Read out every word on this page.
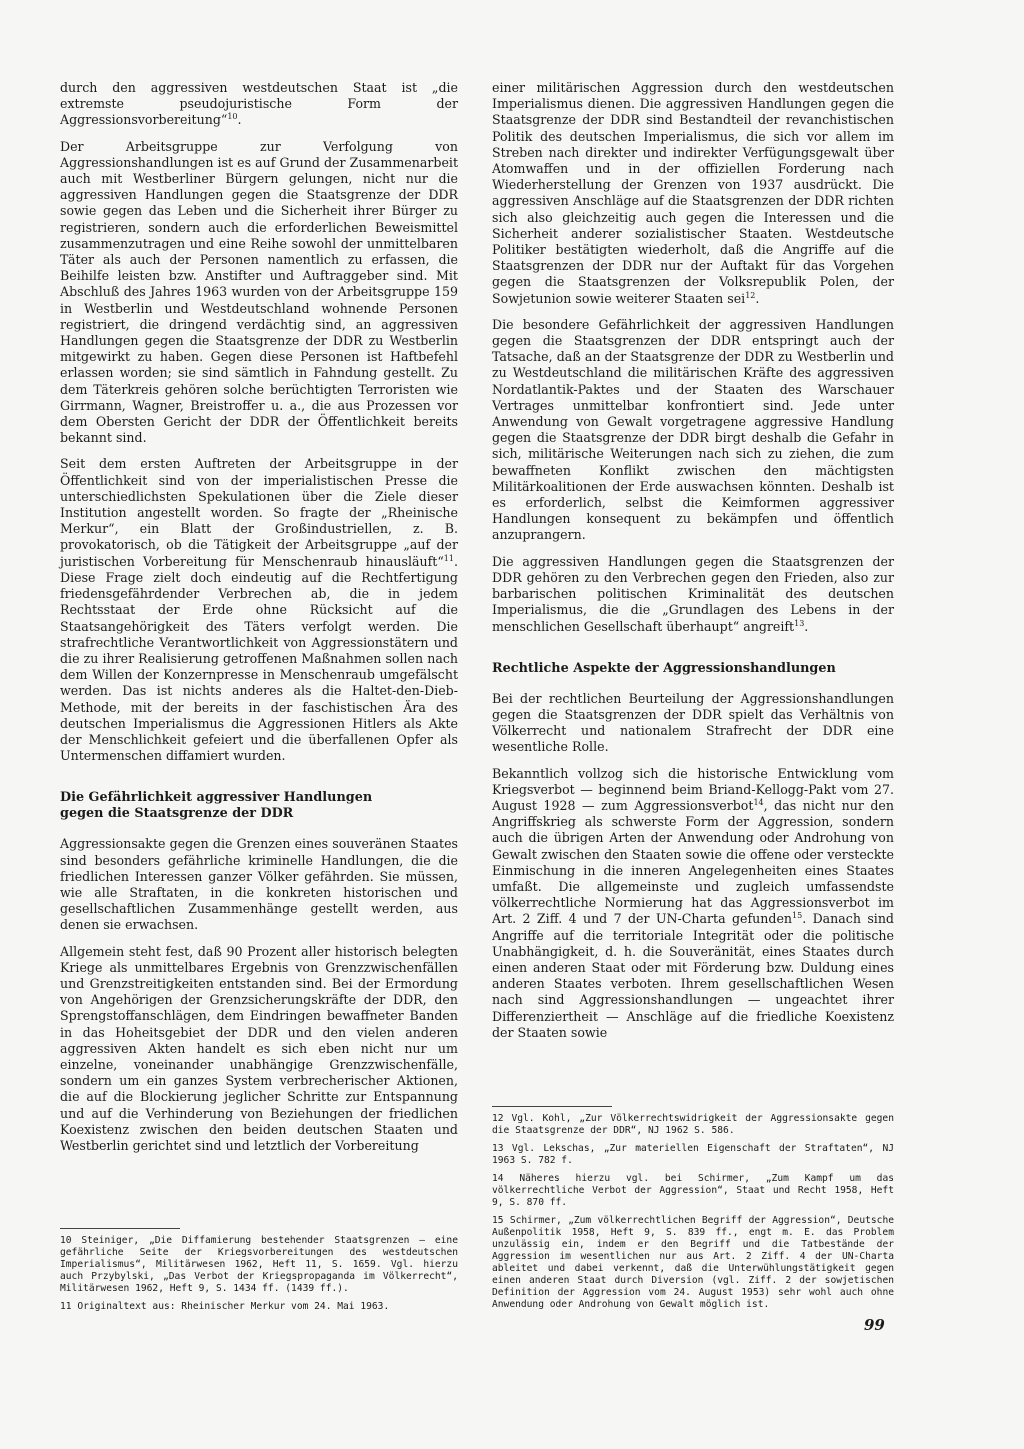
durch den aggressiven westdeutschen Staat ist „die extremste pseudojuristische Form der Aggressionsvorbereitung“$^{10}$.

Der Arbeitsgruppe zur Verfolgung von Aggressionshandlungen ist es auf Grund der Zusammenarbeit auch mit Westberliner Bürgern gelungen, nicht nur die aggressiven Handlungen gegen die Staatsgrenze der DDR sowie gegen das Leben und die Sicherheit ihrer Bürger zu registrieren, sondern auch die erforderlichen Beweismittel zusammenzutragen und eine Reihe sowohl der unmittelbaren Täter als auch der Personen namentlich zu erfassen, die Beihilfe leisten bzw. Anstifter und Auftraggeber sind. Mit Abschluß des Jahres 1963 wurden von der Arbeitsgruppe 159 in Westberlin und Westdeutschland wohnende Personen registriert, die dringend verdächtig sind, an aggressiven Handlungen gegen die Staatsgrenze der DDR zu Westberlin mitgewirkt zu haben. Gegen diese Personen ist Haftbefehl erlassen worden; sie sind sämtlich in Fahndung gestellt. Zu dem Täterkreis gehören solche berüchtigten Terroristen wie Girrmann, Wagner, Breistroffer u. a., die aus Prozessen vor dem Obersten Gericht der DDR der Öffentlichkeit bereits bekannt sind.

Seit dem ersten Auftreten der Arbeitsgruppe in der Öffentlichkeit sind von der imperialistischen Presse die unterschiedlichsten Spekulationen über die Ziele dieser Institution angestellt worden. So fragte der „Rheinische Merkur“, ein Blatt der Großindustriellen, z. B. provokatorisch, ob die Tätigkeit der Arbeitsgruppe „auf der juristischen Vorbereitung für Menschenraub hinausläuft“$^{11}$. Diese Frage zielt doch eindeutig auf die Rechtfertigung friedensgefährdender Verbrechen ab, die in jedem Rechtsstaat der Erde ohne Rücksicht auf die Staatsangehörigkeit des Täters verfolgt werden. Die strafrechtliche Verantwortlichkeit von Aggressionstätern und die zu ihrer Realisierung getroffenen Maßnahmen sollen nach dem Willen der Konzernpresse in Menschenraub umgefälscht werden. Das ist nichts anderes als die Haltet-den-Dieb-Methode, mit der bereits in der faschistischen Ära des deutschen Imperialismus die Aggressionen Hitlers als Akte der Menschlichkeit gefeiert und die überfallenen Opfer als Untermenschen diffamiert wurden.

Die Gefährlichkeit aggressiver Handlungen
gegen die Staatsgrenze der DDR

Aggressionsakte gegen die Grenzen eines souveränen Staates sind besonders gefährliche kriminelle Handlungen, die die friedlichen Interessen ganzer Völker gefährden. Sie müssen, wie alle Straftaten, in die konkreten historischen und gesellschaftlichen Zusammenhänge gestellt werden, aus denen sie erwachsen.

Allgemein steht fest, daß 90 Prozent aller historisch belegten Kriege als unmittelbares Ergebnis von Grenzzwischenfällen und Grenzstreitigkeiten entstanden sind. Bei der Ermordung von Angehörigen der Grenzsicherungskräfte der DDR, den Sprengstoffanschlägen, dem Eindringen bewaffneter Banden in das Hoheitsgebiet der DDR und den vielen anderen aggressiven Akten handelt es sich eben nicht nur um einzelne, voneinander unabhängige Grenzzwischenfälle, sondern um ein ganzes System verbrecherischer Aktionen, die auf die Blockierung jeglicher Schritte zur Entspannung und auf die Verhinderung von Beziehungen der friedlichen Koexistenz zwischen den beiden deutschen Staaten und Westberlin gerichtet sind und letztlich der Vorbereitung

einer militärischen Aggression durch den westdeutschen Imperialismus dienen. Die aggressiven Handlungen gegen die Staatsgrenze der DDR sind Bestandteil der revanchistischen Politik des deutschen Imperialismus, die sich vor allem im Streben nach direkter und indirekter Verfügungsgewalt über Atomwaffen und in der offiziellen Forderung nach Wiederherstellung der Grenzen von 1937 ausdrückt. Die aggressiven Anschläge auf die Staatsgrenzen der DDR richten sich also gleichzeitig auch gegen die Interessen und die Sicherheit anderer sozialistischer Staaten. Westdeutsche Politiker bestätigten wiederholt, daß die Angriffe auf die Staatsgrenzen der DDR nur der Auftakt für das Vorgehen gegen die Staatsgrenzen der Volksrepublik Polen, der Sowjetunion sowie weiterer Staaten sei$^{12}$.

Die besondere Gefährlichkeit der aggressiven Handlungen gegen die Staatsgrenzen der DDR entspringt auch der Tatsache, daß an der Staatsgrenze der DDR zu Westberlin und zu Westdeutschland die militärischen Kräfte des aggressiven Nordatlantik-Paktes und der Staaten des Warschauer Vertrages unmittelbar konfrontiert sind. Jede unter Anwendung von Gewalt vorgetragene aggressive Handlung gegen die Staatsgrenze der DDR birgt deshalb die Gefahr in sich, militärische Weiterungen nach sich zu ziehen, die zum bewaffneten Konflikt zwischen den mächtigsten Militärkoalitionen der Erde auswachsen könnten. Deshalb ist es erforderlich, selbst die Keimformen aggressiver Handlungen konsequent zu bekämpfen und öffentlich anzuprangern.

Die aggressiven Handlungen gegen die Staatsgrenzen der DDR gehören zu den Verbrechen gegen den Frieden, also zur barbarischen politischen Kriminalität des deutschen Imperialismus, die die „Grundlagen des Lebens in der menschlichen Gesellschaft überhaupt“ angreift$^{13}$.

Rechtliche Aspekte der Aggressionshandlungen

Bei der rechtlichen Beurteilung der Aggressionshandlungen gegen die Staatsgrenzen der DDR spielt das Verhältnis von Völkerrecht und nationalem Strafrecht der DDR eine wesentliche Rolle.

Bekanntlich vollzog sich die historische Entwicklung vom Kriegsverbot — beginnend beim Briand-Kellogg-Pakt vom 27. August 1928 — zum Aggressionsverbot$^{14}$, das nicht nur den Angriffskrieg als schwerste Form der Aggression, sondern auch die übrigen Arten der Anwendung oder Androhung von Gewalt zwischen den Staaten sowie die offene oder versteckte Einmischung in die inneren Angelegenheiten eines Staates umfaßt. Die allgemeinste und zugleich umfassendste völkerrechtliche Normierung hat das Aggressionsverbot im Art. 2 Ziff. 4 und 7 der UN-Charta gefunden$^{15}$. Danach sind Angriffe auf die territoriale Integrität oder die politische Unabhängigkeit, d. h. die Souveränität, eines Staates durch einen anderen Staat oder mit Förderung bzw. Duldung eines anderen Staates verboten. Ihrem gesellschaftlichen Wesen nach sind Aggressionshandlungen — ungeachtet ihrer Differenziertheit — Anschläge auf die friedliche Koexistenz der Staaten sowie

10 Steiniger, „Die Diffamierung bestehender Staatsgrenzen — eine gefährliche Seite der Kriegsvorbereitungen des westdeutschen Imperialismus“, Militärwesen 1962, Heft 11, S. 1659. Vgl. hierzu auch Przybylski, „Das Verbot der Kriegspropaganda im Völkerrecht“, Militärwesen 1962, Heft 9, S. 1434 ff. (1439 ff.).

11 Originaltext aus: Rheinischer Merkur vom 24. Mai 1963.

12 Vgl. Kohl, „Zur Völkerrechtswidrigkeit der Aggressionsakte gegen die Staatsgrenze der DDR“, NJ 1962 S. 586.

13 Vgl. Lekschas, „Zur materiellen Eigenschaft der Straftaten“, NJ 1963 S. 782 f.

14 Näheres hierzu vgl. bei Schirmer, „Zum Kampf um das völkerrechtliche Verbot der Aggression“, Staat und Recht 1958, Heft 9, S. 870 ff.

15 Schirmer, „Zum völkerrechtlichen Begriff der Aggression“, Deutsche Außenpolitik 1958, Heft 9, S. 839 ff., engt m. E. das Problem unzulässig ein, indem er den Begriff und die Tatbestände der Aggression im wesentlichen nur aus Art. 2 Ziff. 4 der UN-Charta ableitet und dabei verkennt, daß die Unterwühlungstätigkeit gegen einen anderen Staat durch Diversion (vgl. Ziff. 2 der sowjetischen Definition der Aggression vom 24. August 1953) sehr wohl auch ohne Anwendung oder Androhung von Gewalt möglich ist.

99
